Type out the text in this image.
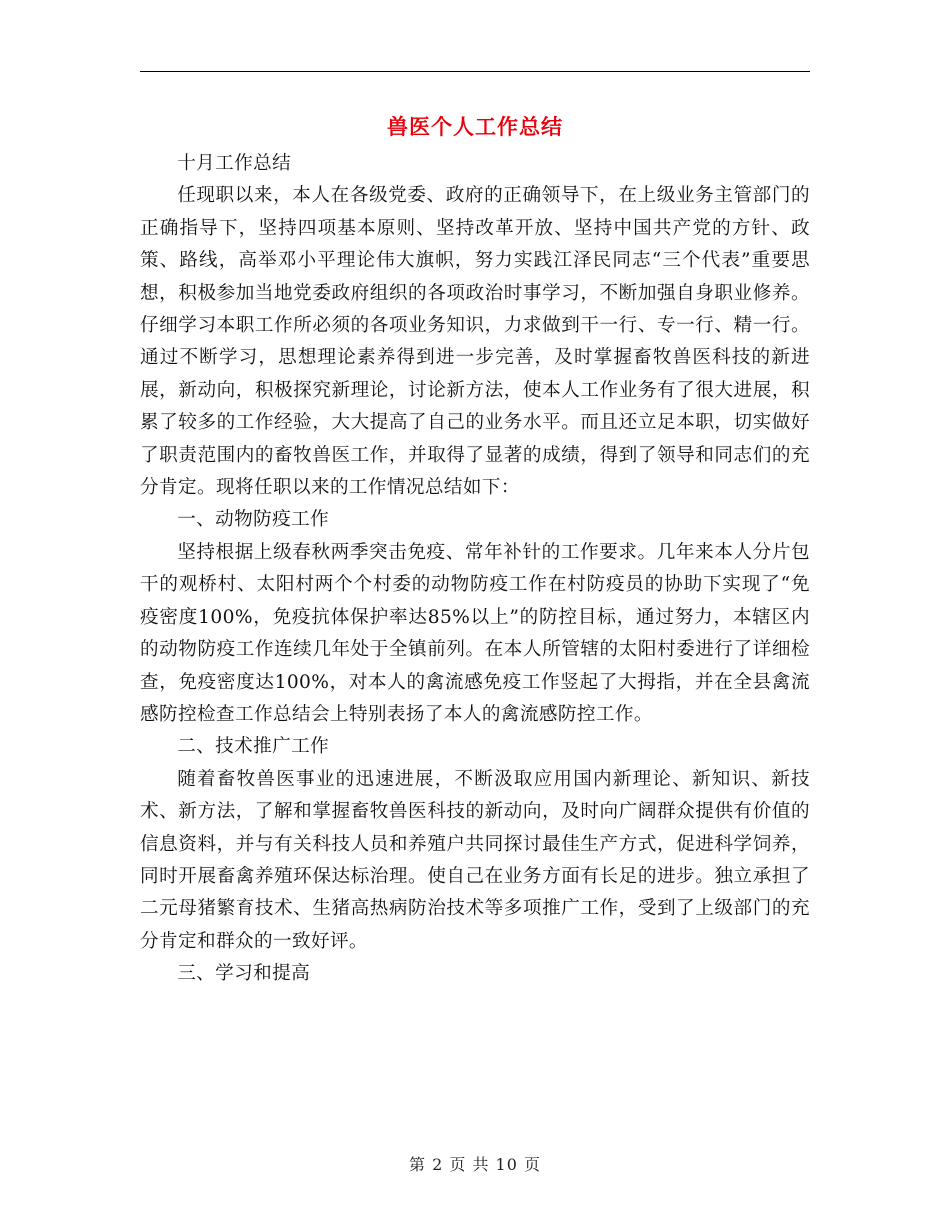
兽医个人工作总结

十月工作总结

任现职以来，本人在各级党委、政府的正确领导下，在上级业务主管部门的正确指导下，坚持四项基本原则、坚持改革开放、坚持中国共产党的方针、政策、路线，高举邓小平理论伟大旗帜，努力实践江泽民同志“三个代表”重要思想，积极参加当地党委政府组织的各项政治时事学习，不断加强自身职业修养。仔细学习本职工作所必须的各项业务知识，力求做到干一行、专一行、精一行。通过不断学习，思想理论素养得到进一步完善，及时掌握畜牧兽医科技的新进展，新动向，积极探究新理论，讨论新方法，使本人工作业务有了很大进展，积累了较多的工作经验，大大提高了自己的业务水平。而且还立足本职，切实做好了职责范围内的畜牧兽医工作，并取得了显著的成绩，得到了领导和同志们的充分肯定。现将任职以来的工作情况总结如下：

一、动物防疫工作

坚持根据上级春秋两季突击免疫、常年补针的工作要求。几年来本人分片包干的观桥村、太阳村两个个村委的动物防疫工作在村防疫员的协助下实现了“免疫密度100%，免疫抗体保护率达85%以上”的防控目标，通过努力，本辖区内的动物防疫工作连续几年处于全镇前列。在本人所管辖的太阳村委进行了详细检查，免疫密度达100%，对本人的禽流感免疫工作竖起了大拇指，并在全县禽流感防控检查工作总结会上特别表扬了本人的禽流感防控工作。

二、技术推广工作

随着畜牧兽医事业的迅速进展，不断汲取应用国内新理论、新知识、新技术、新方法，了解和掌握畜牧兽医科技的新动向，及时向广阔群众提供有价值的信息资料，并与有关科技人员和养殖户共同探讨最佳生产方式，促进科学饲养，同时开展畜禽养殖环保达标治理。使自己在业务方面有长足的进步。独立承担了二元母猪繁育技术、生猪高热病防治技术等多项推广工作，受到了上级部门的充分肯定和群众的一致好评。

三、学习和提高

第 2 页 共 10 页
